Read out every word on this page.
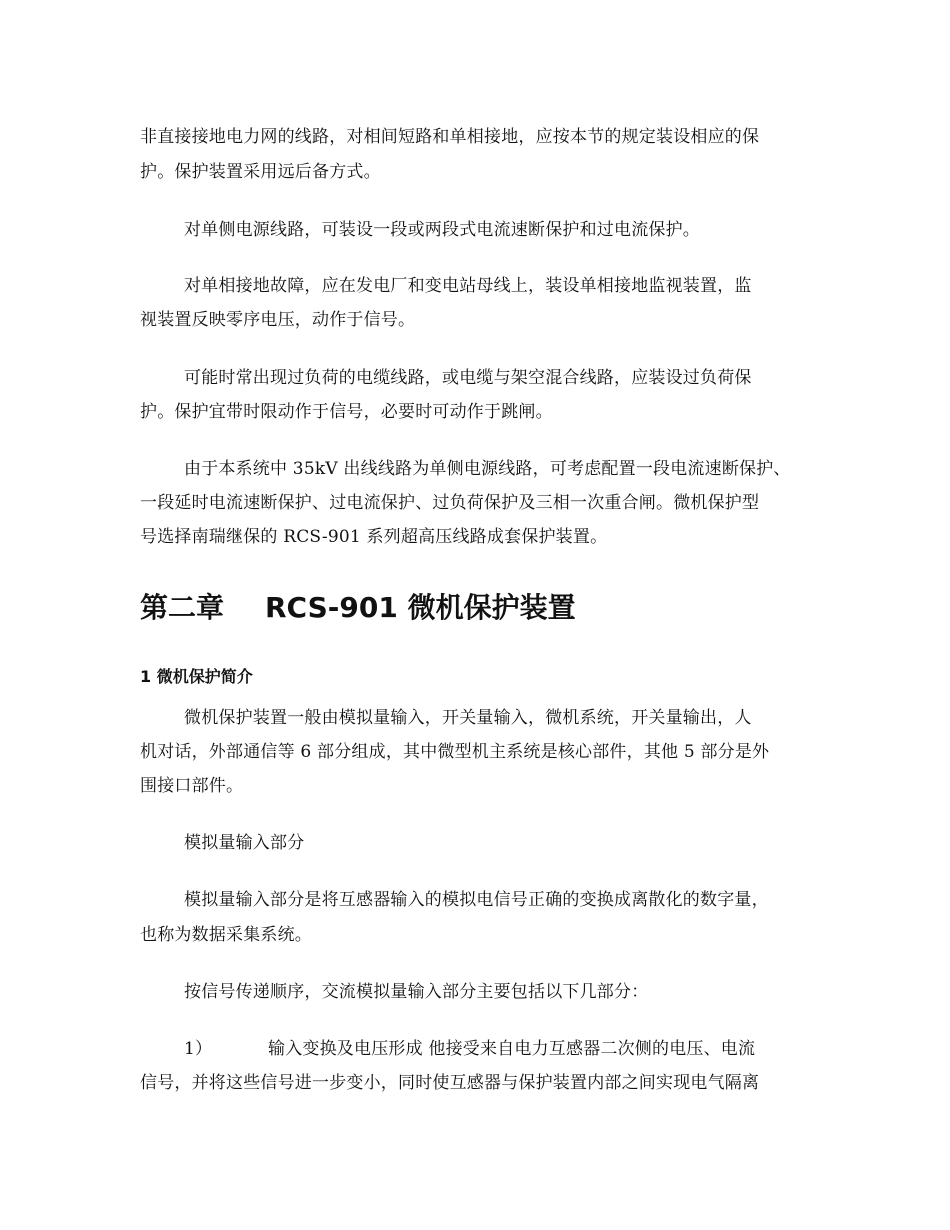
非直接接地电力网的线路，对相间短路和单相接地，应按本节的规定装设相应的保
护。保护装置采用远后备方式。
对单侧电源线路，可装设一段或两段式电流速断保护和过电流保护。
对单相接地故障，应在发电厂和变电站母线上，装设单相接地监视装置，监
视装置反映零序电压，动作于信号。
可能时常出现过负荷的电缆线路，或电缆与架空混合线路，应装设过负荷保
护。保护宜带时限动作于信号，必要时可动作于跳闸。
由于本系统中 35kV 出线线路为单侧电源线路，可考虑配置一段电流速断保护、
一段延时电流速断保护、过电流保护、过负荷保护及三相一次重合闸。微机保护型
号选择南瑞继保的 RCS-901 系列超高压线路成套保护装置。
第二章 RCS-901 微机保护装置
1 微机保护简介
微机保护装置一般由模拟量输入，开关量输入，微机系统，开关量输出，人
机对话，外部通信等 6 部分组成，其中微型机主系统是核心部件，其他 5 部分是外
围接口部件。
模拟量输入部分
模拟量输入部分是将互感器输入的模拟电信号正确的变换成离散化的数字量，
也称为数据采集系统。
按信号传递顺序，交流模拟量输入部分主要包括以下几部分：
1）	输入变换及电压形成 他接受来自电力互感器二次侧的电压、电流
信号，并将这些信号进一步变小，同时使互感器与保护装置内部之间实现电气隔离
